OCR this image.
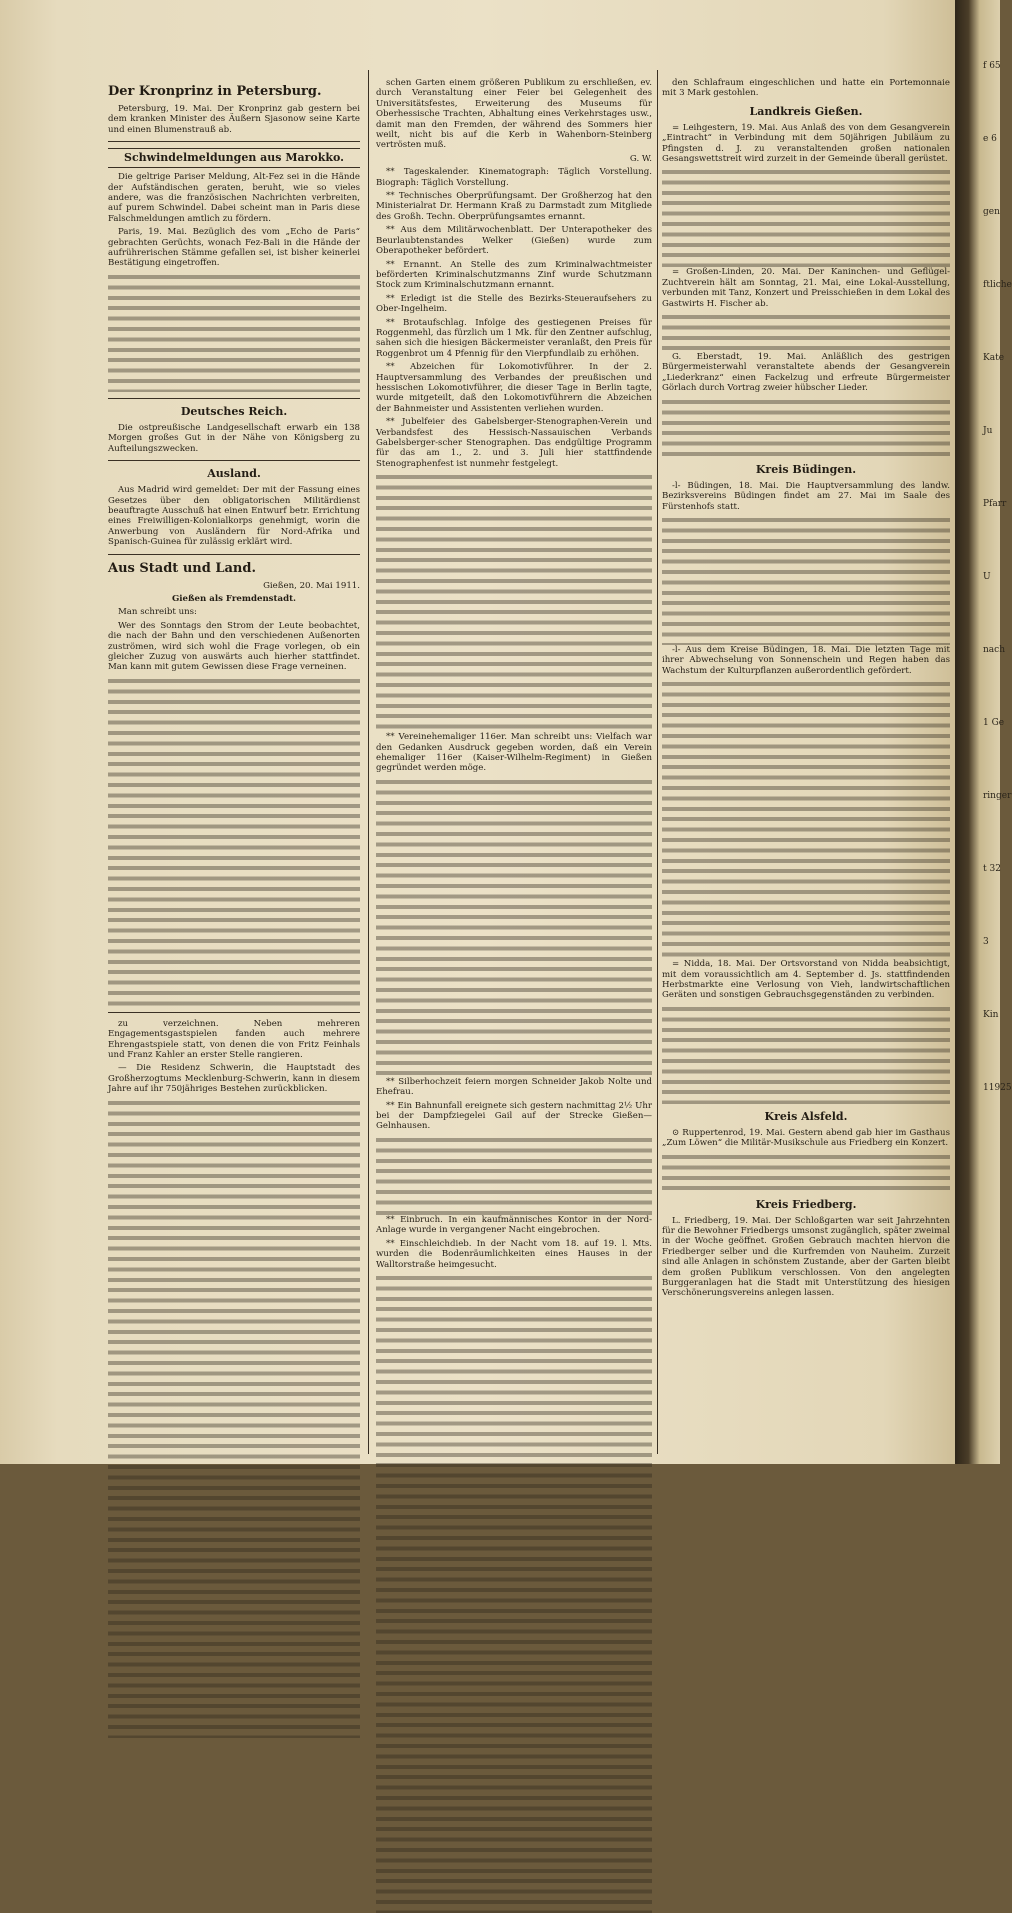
Der Kronprinz in Petersburg.

Petersburg, 19. Mai. Der Kronprinz gab gestern bei dem kranken Minister des Äußern Sjasonow seine Karte und einen Blumenstrauß ab.

Schwindelmeldungen aus Marokko.

Die geltrige Pariser Meldung, Alt-Fez sei in die Hände der Aufständischen geraten, beruht, wie so vieles andere, was die französischen Nachrichten verbreiten, auf purem Schwindel. Dabei scheint man in Paris diese Falschmeldungen amtlich zu fördern.

Paris, 19. Mai. Bezüglich des vom „Echo de Paris“ gebrachten Gerüchts, wonach Fez-Bali in die Hände der aufrührerischen Stämme gefallen sei, ist bisher keinerlei Bestätigung eingetroffen.

Deutsches Reich.

Die ostpreußische Landgesellschaft erwarb ein 138 Morgen großes Gut in der Nähe von Königsberg zu Aufteilungszwecken.

Ausland.

Aus Madrid wird gemeldet: Der mit der Fassung eines Gesetzes über den obligatorischen Militärdienst beauftragte Ausschuß hat einen Entwurf betr. Errichtung eines Freiwilligen-Kolonialkorps genehmigt, worin die Anwerbung von Ausländern für Nord-Afrika und Spanisch-Guinea für zulässig erklärt wird.

Aus Stadt und Land.

Gießen, 20. Mai 1911.

Gießen als Fremdenstadt.

Man schreibt uns:

Wer des Sonntags den Strom der Leute beobachtet, die nach der Bahn und den verschiedenen Außenorten zuströmen, wird sich wohl die Frage vorlegen, ob ein gleicher Zuzug von auswärts auch hierher stattfindet. Man kann mit gutem Gewissen diese Frage verneinen.

zu verzeichnen. Neben mehreren Engagementsgastspielen fanden auch mehrere Ehrengastspiele statt, von denen die von Fritz Feinhals und Franz Kahler an erster Stelle rangieren.

— Die Residenz Schwerin, die Hauptstadt des Großherzogtums Mecklenburg-Schwerin, kann in diesem Jahre auf ihr 750jähriges Bestehen zurückblicken.

schen Garten einem größeren Publikum zu erschließen, ev. durch Veranstaltung einer Feier bei Gelegenheit des Universitätsfestes, Erweiterung des Museums für Oberhessische Trachten, Abhaltung eines Verkehrstages usw., damit man den Fremden, der während des Sommers hier weilt, nicht bis auf die Kerb in Wahenborn-Steinberg vertrösten muß.

G. W.

** Tageskalender. Kinematograph: Täglich Vorstellung. Biograph: Täglich Vorstellung.

** Technisches Oberprüfungsamt. Der Großherzog hat den Ministerialrat Dr. Hermann Kraß zu Darmstadt zum Mitgliede des Großh. Techn. Oberprüfungsamtes ernannt.

** Aus dem Militärwochenblatt. Der Unterapotheker des Beurlaubtenstandes Welker (Gießen) wurde zum Oberapotheker befördert.

** Ernannt. An Stelle des zum Kriminalwachtmeister beförderten Kriminalschutzmanns Zinf wurde Schutzmann Stock zum Kriminalschutzmann ernannt.

** Erledigt ist die Stelle des Bezirks-Steueraufsehers zu Ober-Ingelheim.

** Brotaufschlag. Infolge des gestiegenen Preises für Roggenmehl, das fürzlich um 1 Mk. für den Zentner aufschlug, sahen sich die hiesigen Bäckermeister veranlaßt, den Preis für Roggenbrot um 4 Pfennig für den Vierpfundlaib zu erhöhen.

** Abzeichen für Lokomotivführer. In der 2. Hauptversammlung des Verbandes der preußischen und hessischen Lokomotivführer, die dieser Tage in Berlin tagte, wurde mitgeteilt, daß den Lokomotivführern die Abzeichen der Bahnmeister und Assistenten verliehen wurden.

** Jubelfeier des Gabelsberger-Stenographen-Verein und Verbandsfest des Hessisch-Nassauischen Verbands Gabelsberger-scher Stenographen. Das endgültige Programm für das am 1., 2. und 3. Juli hier stattfindende Stenographenfest ist nunmehr festgelegt.

** Vereinehemaliger 116er. Man schreibt uns: Vielfach war den Gedanken Ausdruck gegeben worden, daß ein Verein ehemaliger 116er (Kaiser-Wilhelm-Regiment) in Gießen gegründet werden möge.

** Silberhochzeit feiern morgen Schneider Jakob Nolte und Ehefrau.

** Ein Bahnunfall ereignete sich gestern nachmittag 2½ Uhr bei der Dampfziegelei Gail auf der Strecke Gießen—Gelnhausen.

** Einbruch. In ein kaufmännisches Kontor in der Nord-Anlage wurde in vergangener Nacht eingebrochen.

** Einschleichdieb. In der Nacht vom 18. auf 19. l. Mts. wurden die Bodenräumlichkeiten eines Hauses in der Walltorstraße heimgesucht.

den Schlafraum eingeschlichen und hatte ein Portemonnaie mit 3 Mark gestohlen.

Landkreis Gießen.

= Leihgestern, 19. Mai. Aus Anlaß des von dem Gesangverein „Eintracht“ in Verbindung mit dem 50jährigen Jubiläum zu Pfingsten d. J. zu veranstaltenden großen nationalen Gesangswettstreit wird zurzeit in der Gemeinde überall gerüstet.

= Großen-Linden, 20. Mai. Der Kaninchen- und Geflügel-Zuchtverein hält am Sonntag, 21. Mai, eine Lokal-Ausstellung, verbunden mit Tanz, Konzert und Preisschießen in dem Lokal des Gastwirts H. Fischer ab.

G. Eberstadt, 19. Mai. Anläßlich des gestrigen Bürgermeisterwahl veranstaltete abends der Gesangverein „Liederkranz“ einen Fackelzug und erfreute Bürgermeister Görlach durch Vortrag zweier hübscher Lieder.

Kreis Büdingen.

-l- Büdingen, 18. Mai. Die Hauptversammlung des landw. Bezirksvereins Büdingen findet am 27. Mai im Saale des Fürstenhofs statt.

-l- Aus dem Kreise Büdingen, 18. Mai. Die letzten Tage mit ihrer Abwechselung von Sonnenschein und Regen haben das Wachstum der Kulturpflanzen außerordentlich gefördert.

= Nidda, 18. Mai. Der Ortsvorstand von Nidda beabsichtigt, mit dem voraussichtlich am 4. September d. Js. stattfindenden Herbstmarkte eine Verlosung von Vieh, landwirtschaftlichen Geräten und sonstigen Gebrauchsgegenständen zu verbinden.

Kreis Alsfeld.

⊙ Ruppertenrod, 19. Mai. Gestern abend gab hier im Gasthaus „Zum Löwen“ die Militär-Musikschule aus Friedberg ein Konzert.

Kreis Friedberg.

L. Friedberg, 19. Mai. Der Schloßgarten war seit Jahrzehnten für die Bewohner Friedbergs umsonst zugänglich, später zweimal in der Woche geöffnet. Großen Gebrauch machten hiervon die Friedberger selber und die Kurfremden von Nauheim. Zurzeit sind alle Anlagen in schönstem Zustande, aber der Garten bleibt dem großen Publikum verschlossen. Von den angelegten Burggeranlagen hat die Stadt mit Unterstützung des hiesigen Verschönerungsvereins anlegen lassen.

f 65
e 6
gen
ftliche
Kate
Ju
Pfarr
U
nach
1 Ge
ringer
t 32
3
Kin
11925
